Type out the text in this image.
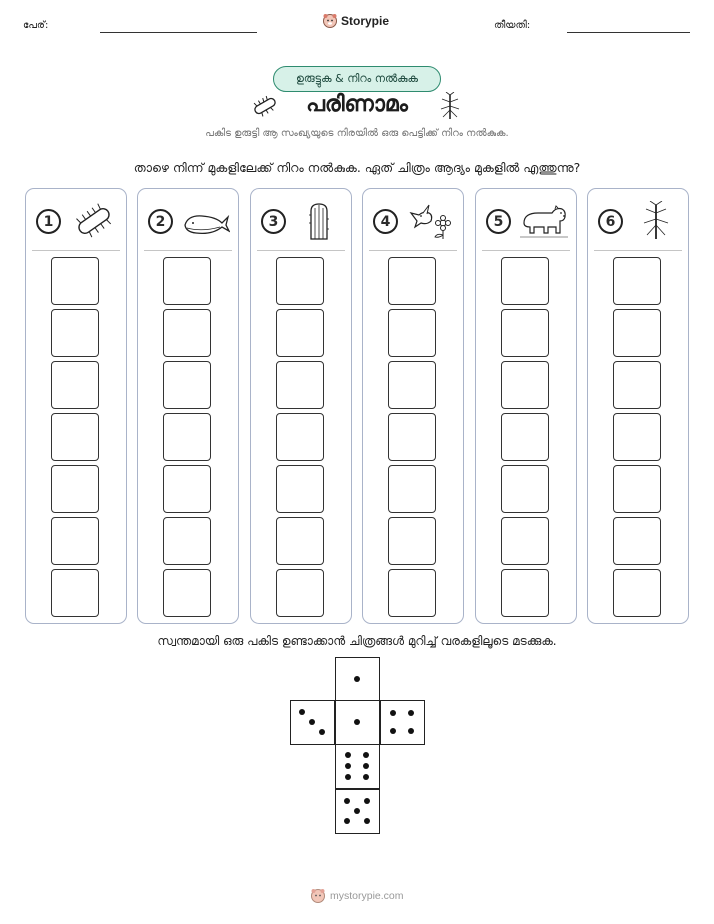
പേര്:	Storypie	തീയതി:
ഉരുട്ടുക & നിറം നൽകുക
പരിണാമം
പകിട ഉരുട്ടി ആ സംഖ്യയുടെ നിരയിൽ ഒരു പെട്ടിക്ക് നിറം നൽകുക.
താഴെ നിന്ന് മുകളിലേക്ക് നിറം നൽകുക. ഏത് ചിത്രം ആദ്യം മുകളിൽ എത്തുന്നു?
1	2	3	4	5	6
സ്വന്തമായി ഒരു പകിട ഉണ്ടാക്കാൻ ചിത്രങ്ങൾ മുറിച്ച് വരകളിലൂടെ മടക്കുക.
mystorypie.com
